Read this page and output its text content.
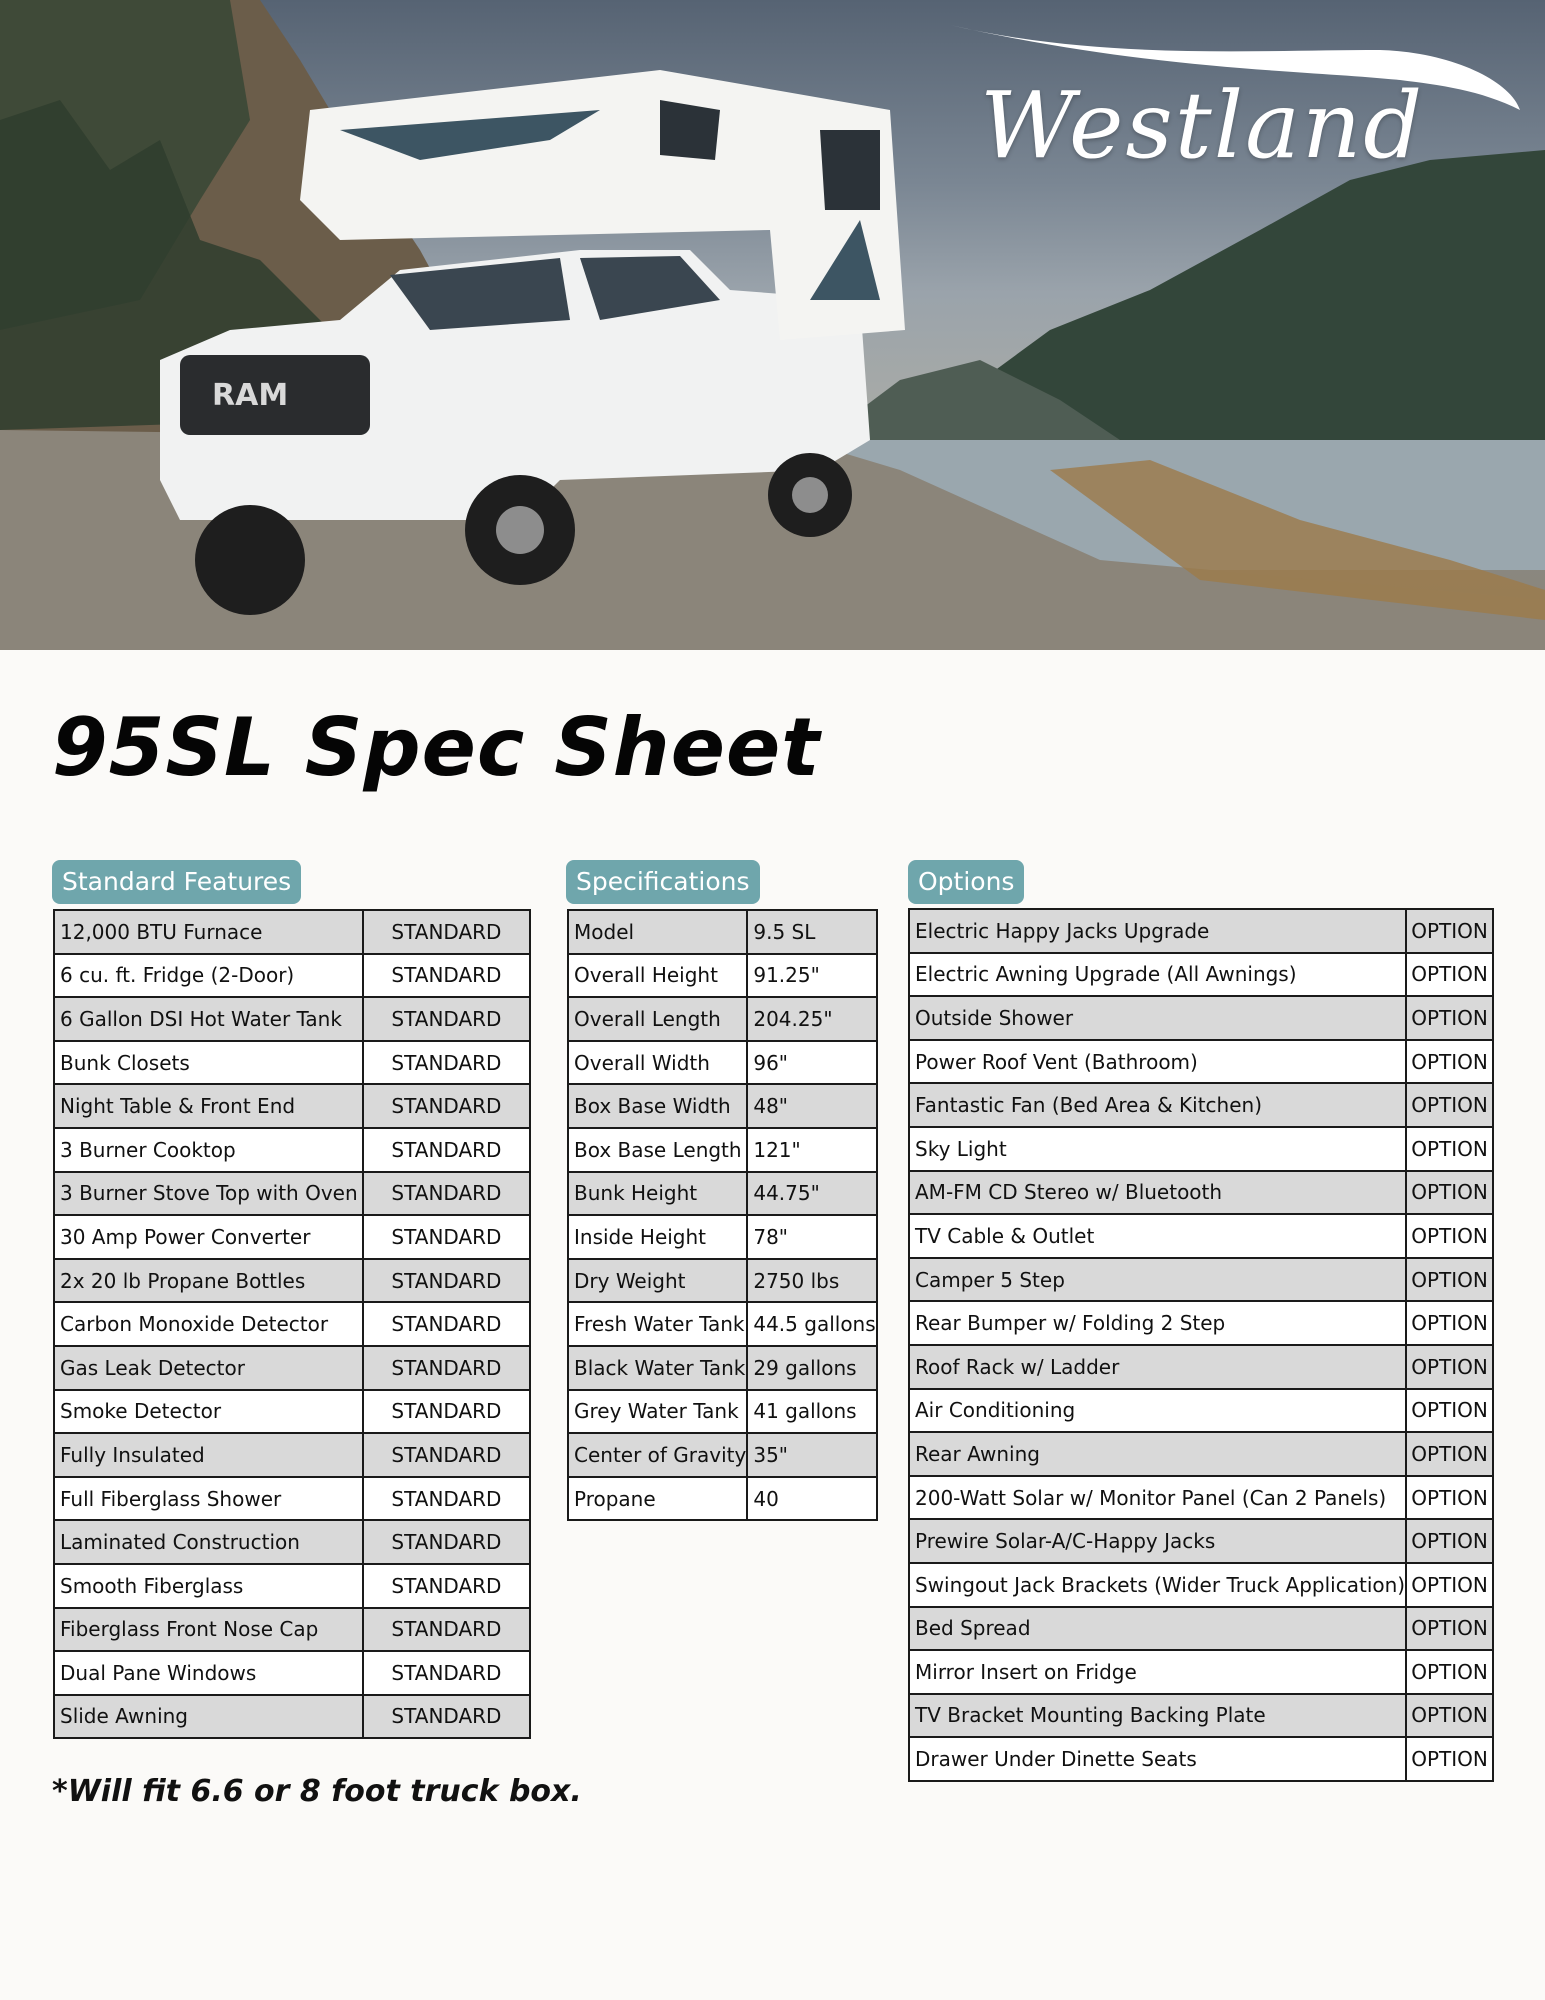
RAM
Westland
95SL Spec Sheet
Standard Features	Specifications	Options
12,000 BTU Furnace	STANDARD
6 cu. ft. Fridge (2-Door)	STANDARD
6 Gallon DSI Hot Water Tank	STANDARD
Bunk Closets	STANDARD
Night Table & Front End	STANDARD
3 Burner Cooktop	STANDARD
3 Burner Stove Top with Oven	STANDARD
30 Amp Power Converter	STANDARD
2x 20 lb Propane Bottles	STANDARD
Carbon Monoxide Detector	STANDARD
Gas Leak Detector	STANDARD
Smoke Detector	STANDARD
Fully Insulated	STANDARD
Full Fiberglass Shower	STANDARD
Laminated Construction	STANDARD
Smooth Fiberglass	STANDARD
Fiberglass Front Nose Cap	STANDARD
Dual Pane Windows	STANDARD
Slide Awning	STANDARD
Model	9.5 SL
Overall Height	91.25"
Overall Length	204.25"
Overall Width	96"
Box Base Width	48"
Box Base Length	121"
Bunk Height	44.75"
Inside Height	78"
Dry Weight	2750 lbs
Fresh Water Tank	44.5 gallons
Black Water Tank	29 gallons
Grey Water Tank	41 gallons
Center of Gravity	35"
Propane	40
Electric Happy Jacks Upgrade	OPTION
Electric Awning Upgrade (All Awnings)	OPTION
Outside Shower	OPTION
Power Roof Vent (Bathroom)	OPTION
Fantastic Fan (Bed Area & Kitchen)	OPTION
Sky Light	OPTION
AM-FM CD Stereo w/ Bluetooth	OPTION
TV Cable & Outlet	OPTION
Camper 5 Step	OPTION
Rear Bumper w/ Folding 2 Step	OPTION
Roof Rack w/ Ladder	OPTION
Air Conditioning	OPTION
Rear Awning	OPTION
200-Watt Solar w/ Monitor Panel (Can 2 Panels)	OPTION
Prewire Solar-A/C-Happy Jacks	OPTION
Swingout Jack Brackets (Wider Truck Application)	OPTION
Bed Spread	OPTION
Mirror Insert on Fridge	OPTION
TV Bracket Mounting Backing Plate	OPTION
Drawer Under Dinette Seats	OPTION

*Will fit 6.6 or 8 foot truck box.
